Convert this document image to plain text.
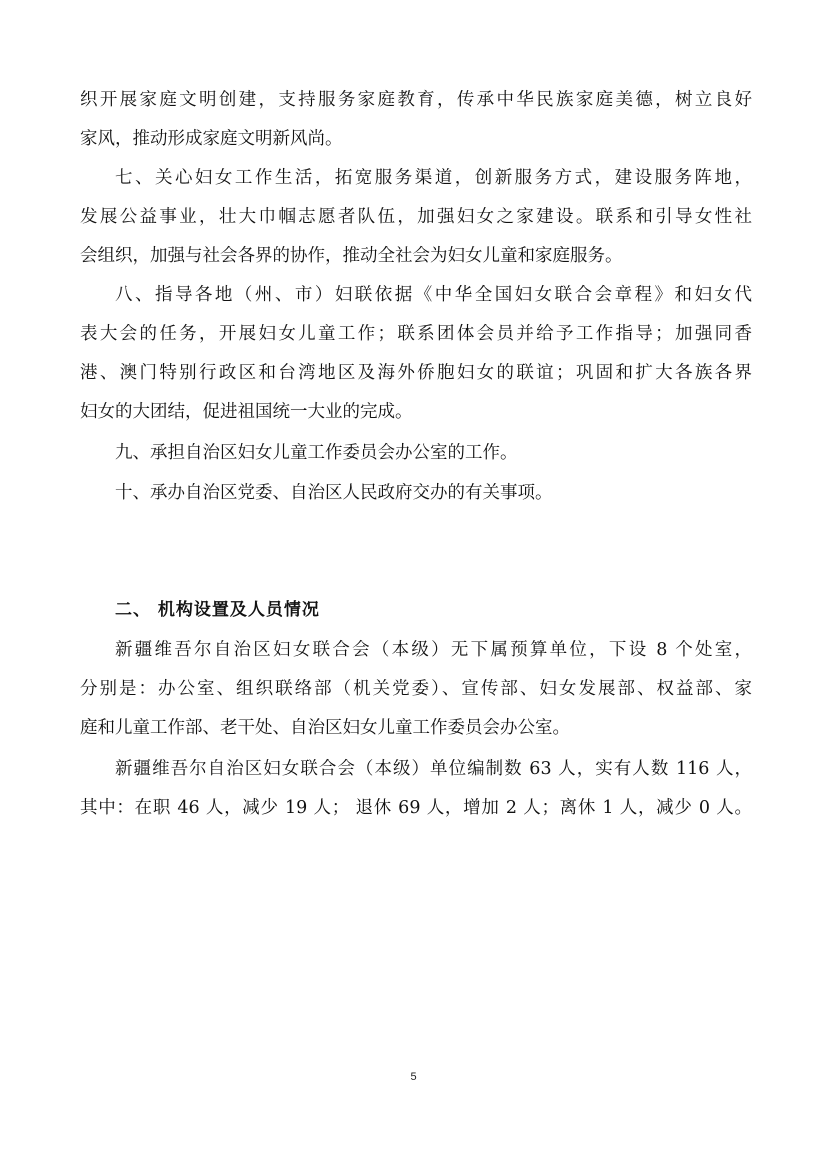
织开展家庭文明创建，支持服务家庭教育，传承中华民族家庭美德，树立良好
家风，推动形成家庭文明新风尚。
七、关心妇女工作生活，拓宽服务渠道，创新服务方式，建设服务阵地，
发展公益事业，壮大巾帼志愿者队伍，加强妇女之家建设。联系和引导女性社
会组织，加强与社会各界的协作，推动全社会为妇女儿童和家庭服务。
八、指导各地（州、市）妇联依据《中华全国妇女联合会章程》和妇女代
表大会的任务，开展妇女儿童工作；联系团体会员并给予工作指导；加强同香
港、澳门特别行政区和台湾地区及海外侨胞妇女的联谊；巩固和扩大各族各界
妇女的大团结，促进祖国统一大业的完成。
九、承担自治区妇女儿童工作委员会办公室的工作。
十、承办自治区党委、自治区人民政府交办的有关事项。
二、 机构设置及人员情况
新疆维吾尔自治区妇女联合会（本级）无下属预算单位，下设 8 个处室，
分别是：办公室、组织联络部（机关党委）、宣传部、妇女发展部、权益部、家
庭和儿童工作部、老干处、自治区妇女儿童工作委员会办公室。
新疆维吾尔自治区妇女联合会（本级）单位编制数 63 人，实有人数 116 人，
其中：在职 46 人，减少 19 人； 退休 69 人，增加 2 人；离休 1 人，减少 0 人。
5
